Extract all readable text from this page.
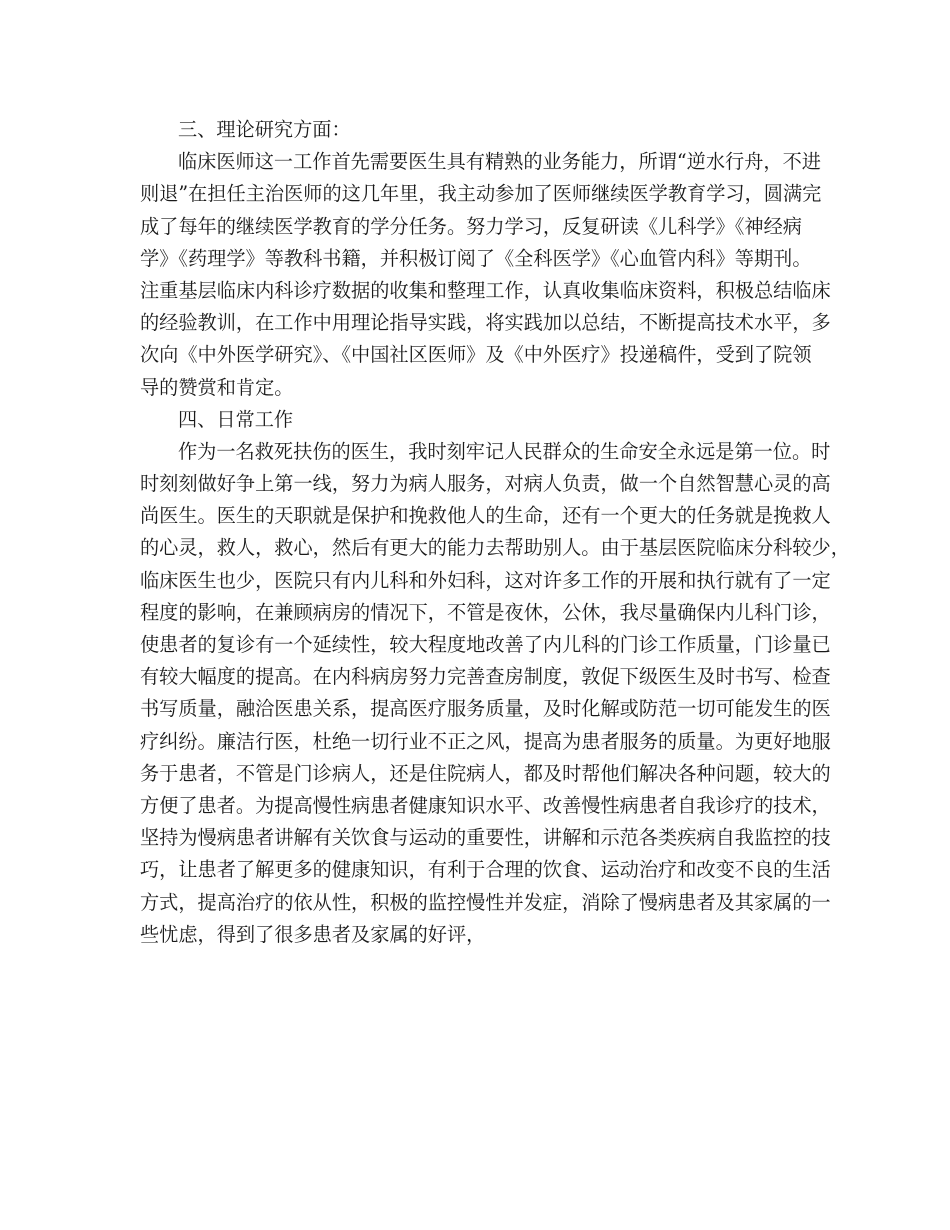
三、理论研究方面：
临床医师这一工作首先需要医生具有精熟的业务能力，所谓“逆水行舟，不进
则退”在担任主治医师的这几年里，我主动参加了医师继续医学教育学习，圆满完
成了每年的继续医学教育的学分任务。努力学习，反复研读《儿科学》《神经病
学》《药理学》等教科书籍，并积极订阅了《全科医学》《心血管内科》等期刊。
注重基层临床内科诊疗数据的收集和整理工作，认真收集临床资料，积极总结临床
的经验教训，在工作中用理论指导实践，将实践加以总结，不断提高技术水平，多
次向《中外医学研究》、《中国社区医师》及《中外医疗》投递稿件，受到了院领
导的赞赏和肯定。
四、日常工作
作为一名救死扶伤的医生，我时刻牢记人民群众的生命安全永远是第一位。时
时刻刻做好争上第一线，努力为病人服务，对病人负责，做一个自然智慧心灵的高
尚医生。医生的天职就是保护和挽救他人的生命，还有一个更大的任务就是挽救人
的心灵，救人，救心，然后有更大的能力去帮助别人。由于基层医院临床分科较少，
临床医生也少，医院只有内儿科和外妇科，这对许多工作的开展和执行就有了一定
程度的影响，在兼顾病房的情况下，不管是夜休，公休，我尽量确保内儿科门诊，
使患者的复诊有一个延续性，较大程度地改善了内儿科的门诊工作质量，门诊量已
有较大幅度的提高。在内科病房努力完善查房制度，敦促下级医生及时书写、检查
书写质量，融洽医患关系，提高医疗服务质量，及时化解或防范一切可能发生的医
疗纠纷。廉洁行医，杜绝一切行业不正之风，提高为患者服务的质量。为更好地服
务于患者，不管是门诊病人，还是住院病人，都及时帮他们解决各种问题，较大的
方便了患者。为提高慢性病患者健康知识水平、改善慢性病患者自我诊疗的技术，
坚持为慢病患者讲解有关饮食与运动的重要性，讲解和示范各类疾病自我监控的技
巧，让患者了解更多的健康知识，有利于合理的饮食、运动治疗和改变不良的生活
方式，提高治疗的依从性，积极的监控慢性并发症，消除了慢病患者及其家属的一
些忧虑，得到了很多患者及家属的好评，
